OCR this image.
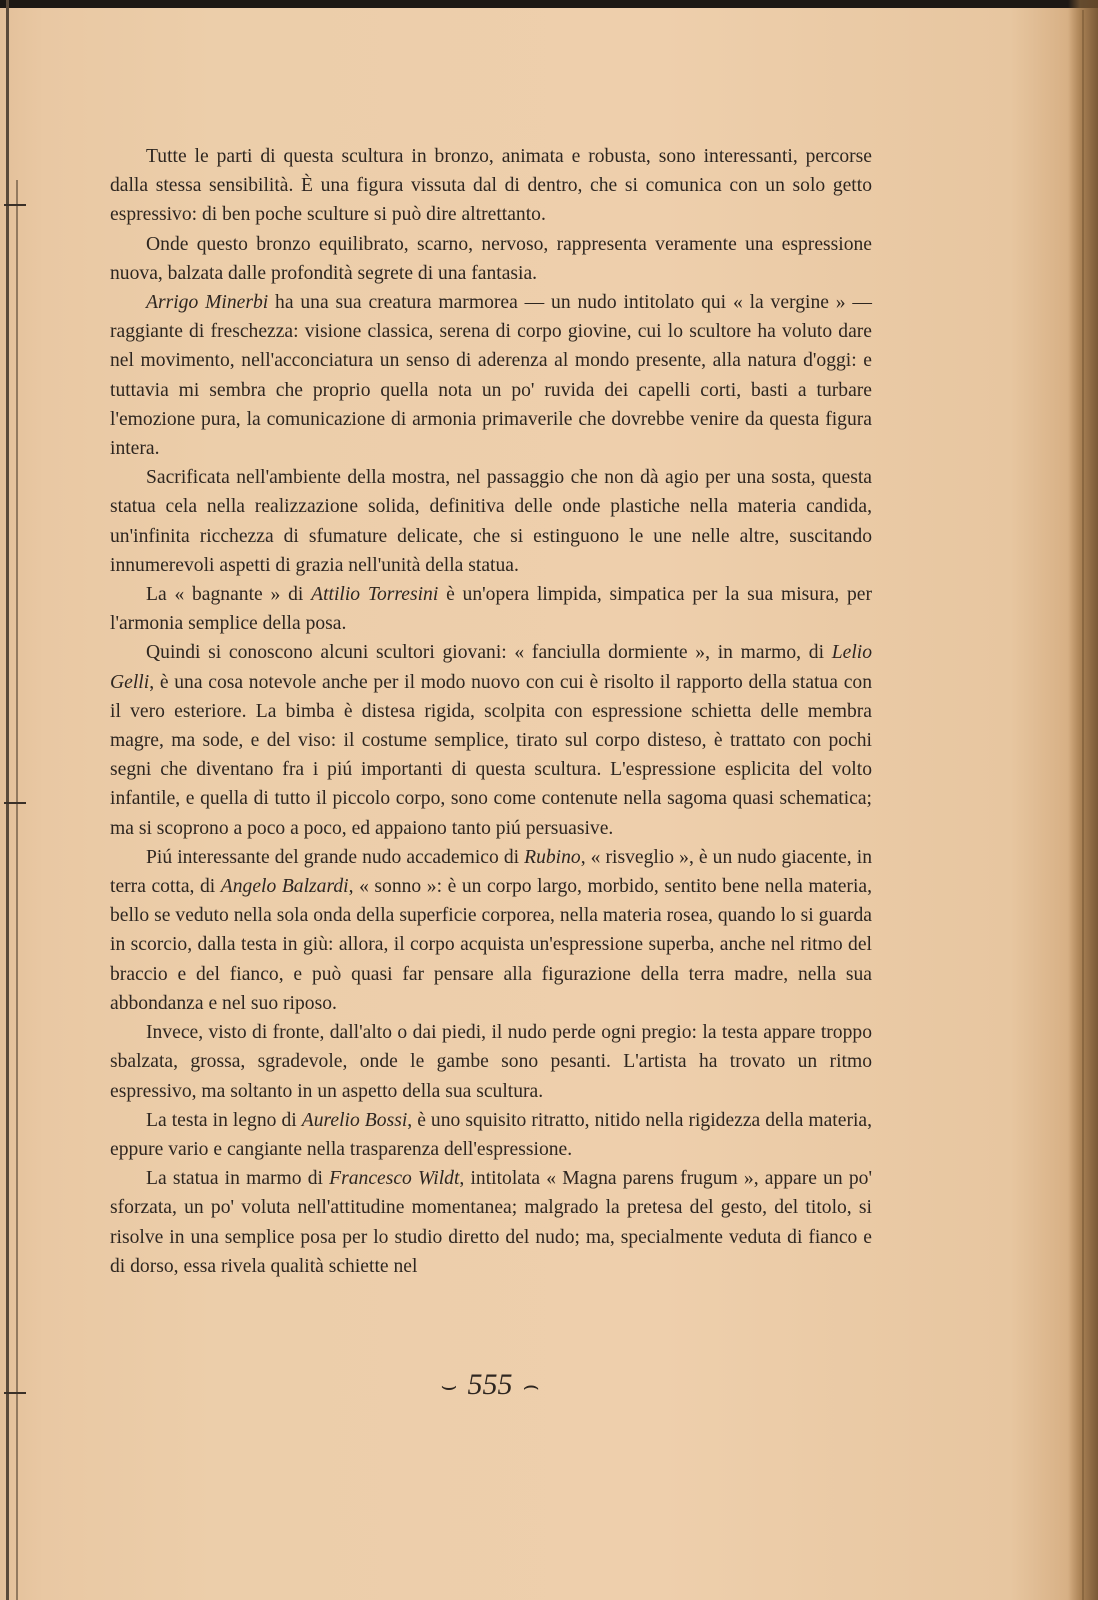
Tutte le parti di questa scultura in bronzo, animata e robusta, sono interessanti, percorse dalla stessa sensibilità. È una figura vissuta dal di dentro, che si comunica con un solo getto espressivo: di ben poche sculture si può dire altrettanto.

Onde questo bronzo equilibrato, scarno, nervoso, rappresenta veramente una espressione nuova, balzata dalle profondità segrete di una fantasia.

Arrigo Minerbi ha una sua creatura marmorea — un nudo intitolato qui « la vergine » — raggiante di freschezza: visione classica, serena di corpo giovine, cui lo scultore ha voluto dare nel movimento, nell'acconciatura un senso di aderenza al mondo presente, alla natura d'oggi: e tuttavia mi sembra che proprio quella nota un po' ruvida dei capelli corti, basti a turbare l'emozione pura, la comunicazione di armonia primaverile che dovrebbe venire da questa figura intera.

Sacrificata nell'ambiente della mostra, nel passaggio che non dà agio per una sosta, questa statua cela nella realizzazione solida, definitiva delle onde plastiche nella materia candida, un'infinita ricchezza di sfumature delicate, che si estinguono le une nelle altre, suscitando innumerevoli aspetti di grazia nell'unità della statua.

La « bagnante » di Attilio Torresini è un'opera limpida, simpatica per la sua misura, per l'armonia semplice della posa.

Quindi si conoscono alcuni scultori giovani: « fanciulla dormiente », in marmo, di Lelio Gelli, è una cosa notevole anche per il modo nuovo con cui è risolto il rapporto della statua con il vero esteriore. La bimba è distesa rigida, scolpita con espressione schietta delle membra magre, ma sode, e del viso: il costume semplice, tirato sul corpo disteso, è trattato con pochi segni che diventano fra i piú importanti di questa scultura. L'espressione esplicita del volto infantile, e quella di tutto il piccolo corpo, sono come contenute nella sagoma quasi schematica; ma si scoprono a poco a poco, ed appaiono tanto piú persuasive.

Piú interessante del grande nudo accademico di Rubino, « risveglio », è un nudo giacente, in terra cotta, di Angelo Balzardi, « sonno »: è un corpo largo, morbido, sentito bene nella materia, bello se veduto nella sola onda della superficie corporea, nella materia rosea, quando lo si guarda in scorcio, dalla testa in giù: allora, il corpo acquista un'espressione superba, anche nel ritmo del braccio e del fianco, e può quasi far pensare alla figurazione della terra madre, nella sua abbondanza e nel suo riposo.

Invece, visto di fronte, dall'alto o dai piedi, il nudo perde ogni pregio: la testa appare troppo sbalzata, grossa, sgradevole, onde le gambe sono pesanti. L'artista ha trovato un ritmo espressivo, ma soltanto in un aspetto della sua scultura.

La testa in legno di Aurelio Bossi, è uno squisito ritratto, nitido nella rigidezza della materia, eppure vario e cangiante nella trasparenza dell'espressione.

La statua in marmo di Francesco Wildt, intitolata « Magna parens frugum », appare un po' sforzata, un po' voluta nell'attitudine momentanea; malgrado la pretesa del gesto, del titolo, si risolve in una semplice posa per lo studio diretto del nudo; ma, specialmente veduta di fianco e di dorso, essa rivela qualità schiette nel

⌣ 555 ⌢
